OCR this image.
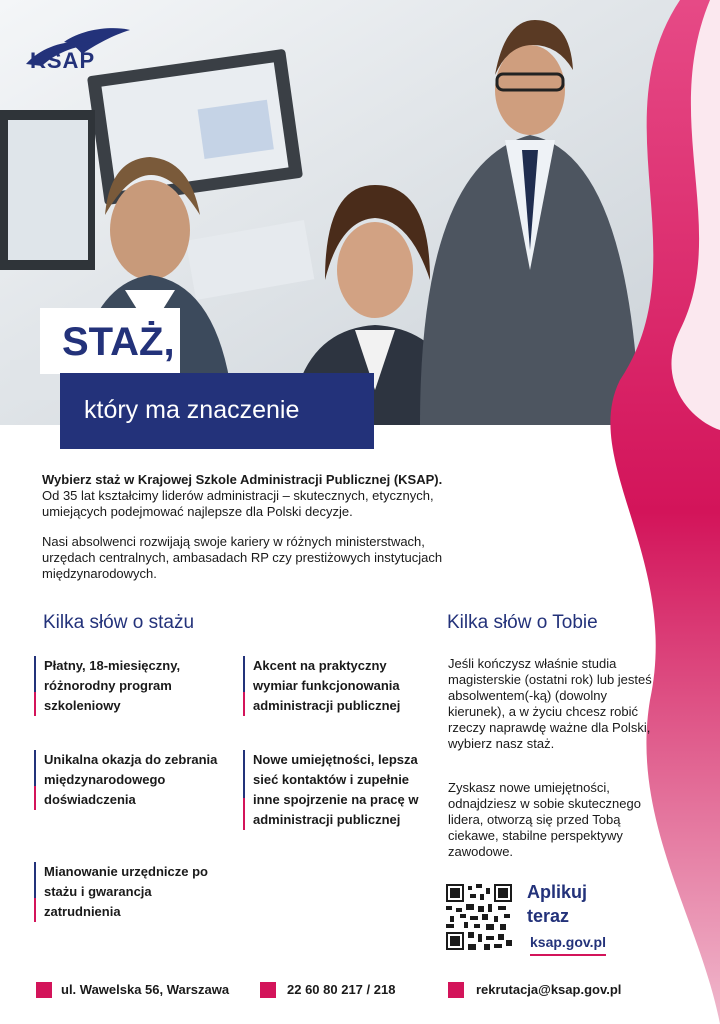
KSAP
STAŻ,
który ma znaczenie

Wybierz staż w Krajowej Szkole Administracji Publicznej (KSAP).
Od 35 lat kształcimy liderów administracji – skutecznych, etycznych, umiejących podejmować najlepsze dla Polski decyzje.

Nasi absolwenci rozwijają swoje kariery w różnych ministerstwach, urzędach centralnych, ambasadach RP czy prestiżowych instytucjach międzynarodowych.

Kilka słów o stażu
Płatny, 18-miesięczny, różnorodny program szkoleniowy
Akcent na praktyczny wymiar funkcjonowania administracji publicznej
Unikalna okazja do zebrania międzynarodowego doświadczenia
Nowe umiejętności, lepsza sieć kontaktów i zupełnie inne spojrzenie na pracę w administracji publicznej
Mianowanie urzędnicze po stażu i gwarancja zatrudnienia
Kilka słów o Tobie
Jeśli kończysz właśnie studia magisterskie (ostatni rok) lub jesteś absolwentem(-ką) (dowolny kierunek), a w życiu chcesz robić rzeczy naprawdę ważne dla Polski, wybierz nasz staż.
Zyskasz nowe umiejętności, odnajdziesz w sobie skutecznego lidera, otworzą się przed Tobą ciekawe, stabilne perspektywy zawodowe.
Aplikuj
teraz
ksap.gov.pl
ul. Wawelska 56, Warszawa	22 60 80 217 / 218	rekrutacja@ksap.gov.pl
